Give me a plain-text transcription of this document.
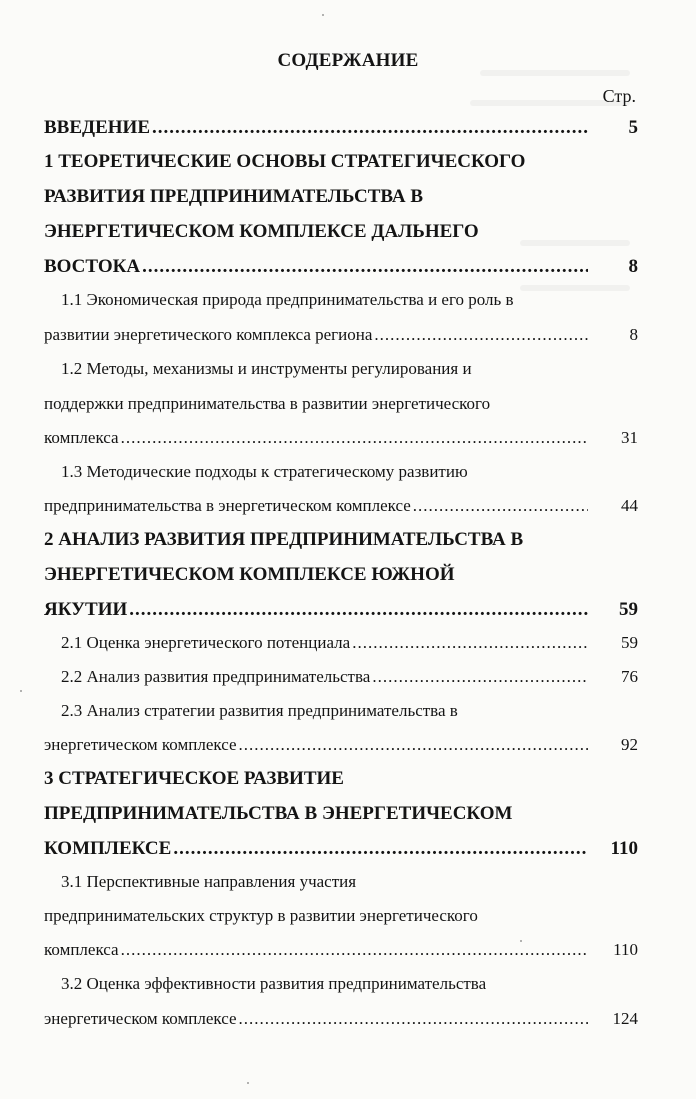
СОДЕРЖАНИЕ
Стр.
ВВЕДЕНИЕ .....	5
1 ТЕОРЕТИЧЕСКИЕ ОСНОВЫ СТРАТЕГИЧЕСКОГО
РАЗВИТИЯ ПРЕДПРИНИМАТЕЛЬСТВА В
ЭНЕРГЕТИЧЕСКОМ КОМПЛЕКСЕ ДАЛЬНЕГО
ВОСТОКА .....	8
1.1 Экономическая природа предпринимательства и его роль в
развитии энергетического комплекса региона .....	8
1.2 Методы, механизмы и инструменты регулирования и
поддержки предпринимательства в развитии энергетического
комплекса .....	31
1.3 Методические подходы к стратегическому развитию
предпринимательства в энергетическом комплексе .....	44
2 АНАЛИЗ РАЗВИТИЯ ПРЕДПРИНИМАТЕЛЬСТВА В
ЭНЕРГЕТИЧЕСКОМ КОМПЛЕКСЕ ЮЖНОЙ
ЯКУТИИ .....	59
2.1 Оценка энергетического потенциала .....	59
2.2 Анализ развития предпринимательства .....	76
2.3 Анализ стратегии развития предпринимательства в
энергетическом комплексе .....	92
3 СТРАТЕГИЧЕСКОЕ РАЗВИТИЕ
ПРЕДПРИНИМАТЕЛЬСТВА В ЭНЕРГЕТИЧЕСКОМ
КОМПЛЕКСЕ .....	110
3.1 Перспективные направления участия
предпринимательских структур в развитии энергетического
комплекса .....	110
3.2 Оценка эффективности развития предпринимательства
энергетическом комплексе .....	124
